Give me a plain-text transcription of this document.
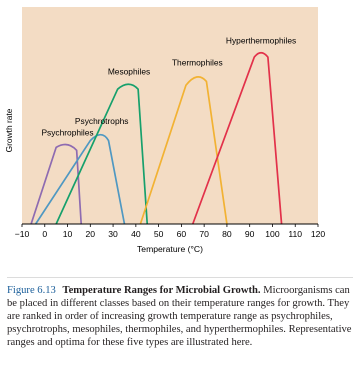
Psychrophiles
Psychrotrophs
Mesophiles
Thermophiles
Hyperthermophiles
−10 0 10 20 30 40 50 60 70 80 90 100 110 120
Temperature (°C)
Growth rate
Figure 6.13 Temperature Ranges for Microbial Growth. Microorganisms can be placed in different classes based on their temperature ranges for growth. They are ranked in order of increasing growth temperature range as psychrophiles, psychrotrophs, mesophiles, thermophiles, and hyperthermophiles. Representative ranges and optima for these five types are illustrated here.
